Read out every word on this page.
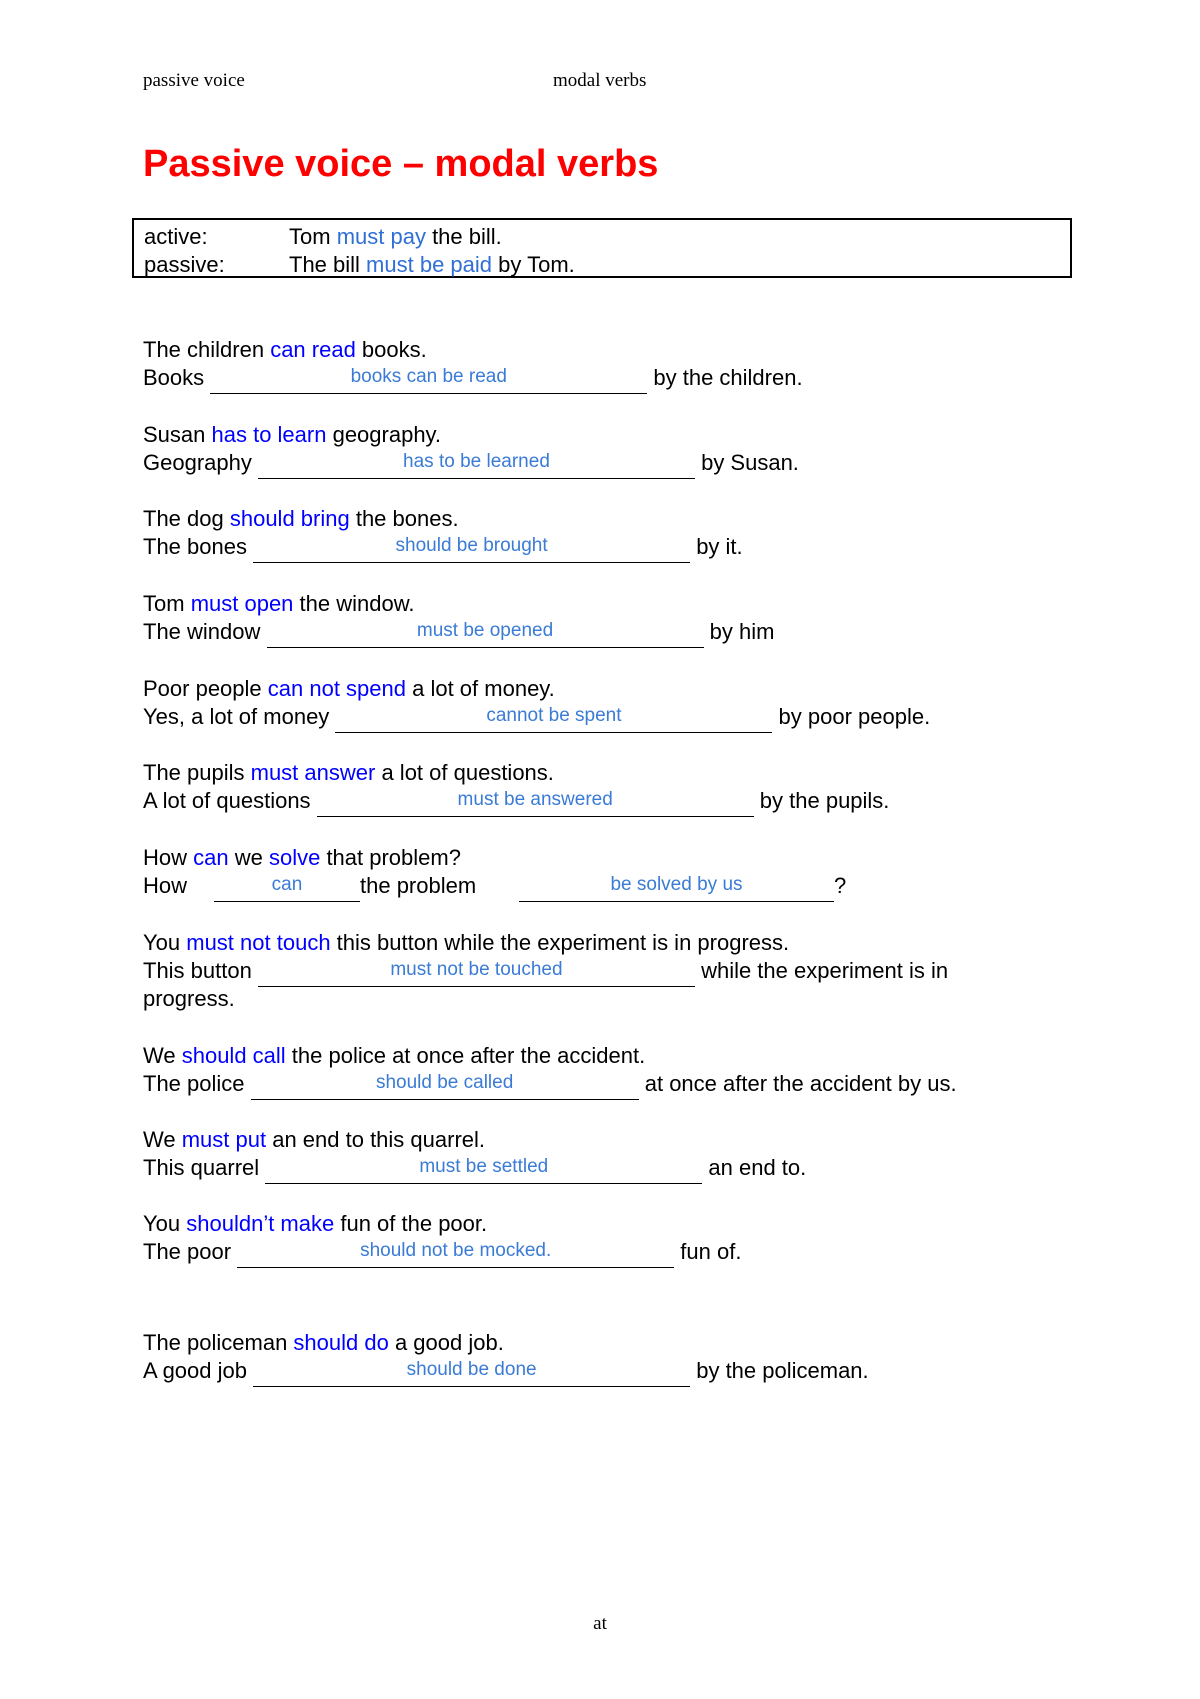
passive voice	modal verbs
Passive voice – modal verbs
active:	Tom must pay the bill.
passive:	The bill must be paid by Tom.
The children can read books.
Books	books can be read	by the children.
Susan has to learn geography.
Geography	has to be learned	by Susan.
The dog should bring the bones.
The bones	should be brought	by it.
Tom must open the window.
The window	must be opened	by him
Poor people can not spend a lot of money.
Yes, a lot of money	cannot be spent	by poor people.
The pupils must answer a lot of questions.
A lot of questions	must be answered	by the pupils.
How can we solve that problem?
How	can	the problem	be solved by us	?
You must not touch this button while the experiment is in progress.
This button	must not be touched	while the experiment is in
progress.
We should call the police at once after the accident.
The police	should be called	at once after the accident by us.
We must put an end to this quarrel.
This quarrel	must be settled	an end to.
You shouldn’t make fun of the poor.
The poor	should not be mocked.	fun of.
The policeman should do a good job.
A good job	should be done	by the policeman.
at
